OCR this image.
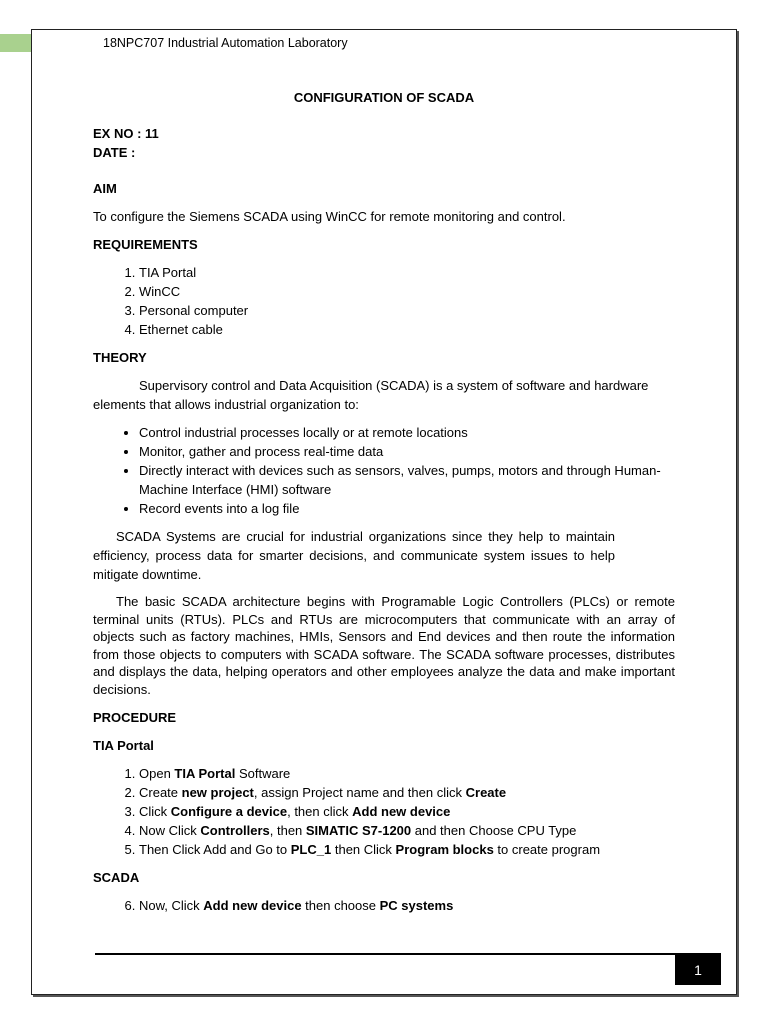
18NPC707 Industrial Automation Laboratory

CONFIGURATION OF SCADA

EX NO : 11

DATE :

AIM

To configure the Siemens SCADA using WinCC for remote monitoring and control.

REQUIREMENTS

1. TIA Portal
2. WinCC
3. Personal computer
4. Ethernet cable

THEORY

Supervisory control and Data Acquisition (SCADA) is a system of software and hardware elements that allows industrial organization to:

• Control industrial processes locally or at remote locations
• Monitor, gather and process real-time data
• Directly interact with devices such as sensors, valves, pumps, motors and through Human- Machine Interface (HMI) software
• Record events into a log file

SCADA Systems are crucial for industrial organizations since they help to maintain efficiency, process data for smarter decisions, and communicate system issues to help mitigate downtime.

The basic SCADA architecture begins with Programable Logic Controllers (PLCs) or remote terminal units (RTUs). PLCs and RTUs are microcomputers that communicate with an array of objects such as factory machines, HMIs, Sensors and End devices and then route the information from those objects to computers with SCADA software. The SCADA software processes, distributes and displays the data, helping operators and other employees analyze the data and make important decisions.

PROCEDURE

TIA Portal

1. Open TIA Portal Software
2. Create new project, assign Project name and then click Create
3. Click Configure a device, then click Add new device
4. Now Click Controllers, then SIMATIC S7-1200 and then Choose CPU Type
5. Then Click Add and Go to PLC_1 then Click Program blocks to create program

SCADA

6. Now, Click Add new device then choose PC systems
1
